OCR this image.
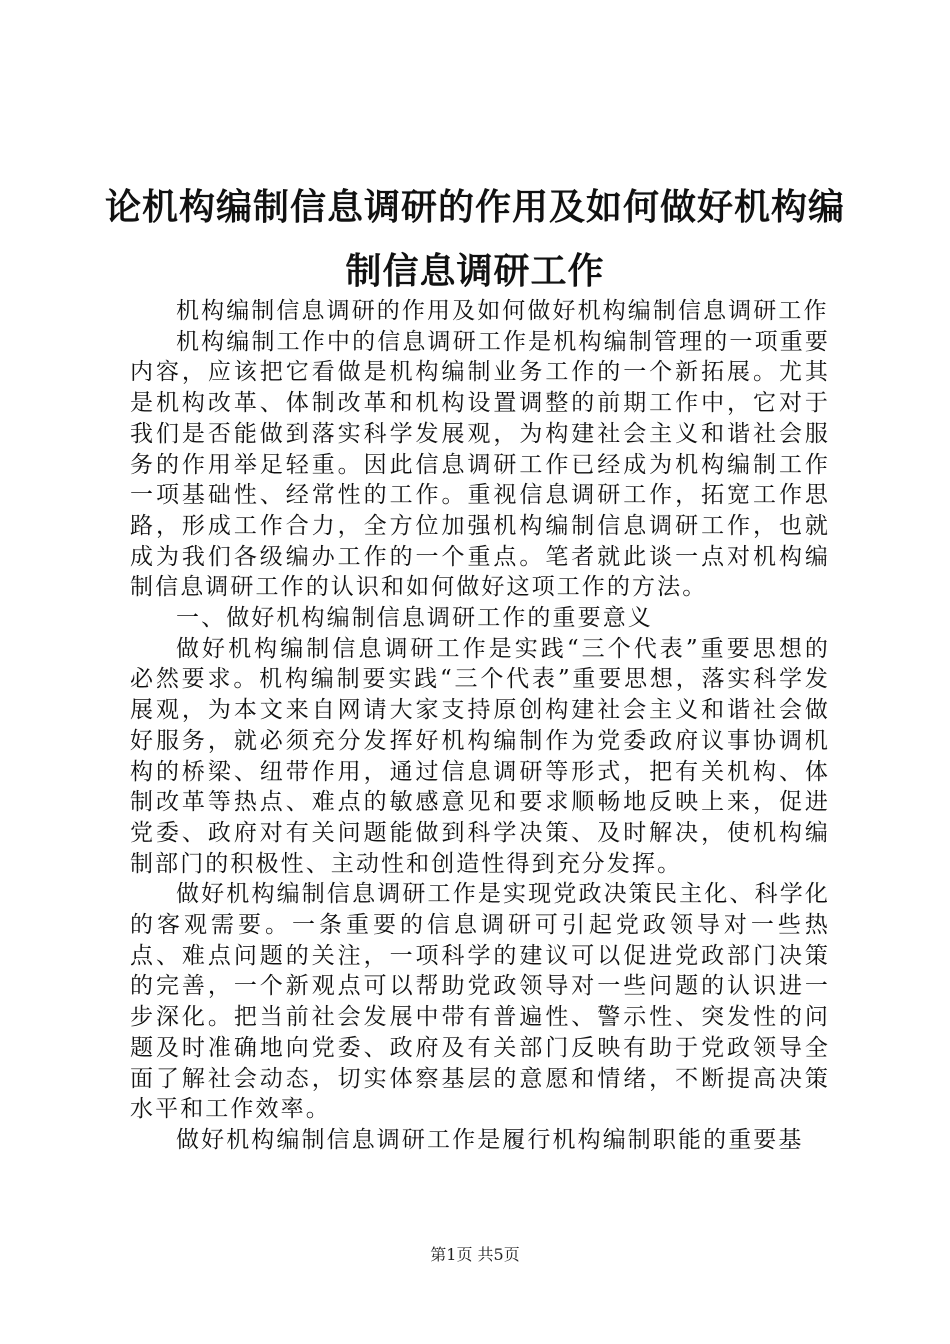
论机构编制信息调研的作用及如何做好机构编制信息调研工作

机构编制信息调研的作用及如何做好机构编制信息调研工作

机构编制工作中的信息调研工作是机构编制管理的一项重要内容，应该把它看做是机构编制业务工作的一个新拓展。尤其是机构改革、体制改革和机构设置调整的前期工作中，它对于我们是否能做到落实科学发展观，为构建社会主义和谐社会服务的作用举足轻重。因此信息调研工作已经成为机构编制工作一项基础性、经常性的工作。重视信息调研工作，拓宽工作思路，形成工作合力，全方位加强机构编制信息调研工作，也就成为我们各级编办工作的一个重点。笔者就此谈一点对机构编制信息调研工作的认识和如何做好这项工作的方法。

一、做好机构编制信息调研工作的重要意义

做好机构编制信息调研工作是实践“三个代表”重要思想的必然要求。机构编制要实践“三个代表”重要思想，落实科学发展观，为本文来自网请大家支持原创构建社会主义和谐社会做好服务，就必须充分发挥好机构编制作为党委政府议事协调机构的桥梁、纽带作用，通过信息调研等形式，把有关机构、体制改革等热点、难点的敏感意见和要求顺畅地反映上来，促进党委、政府对有关问题能做到科学决策、及时解决，使机构编制部门的积极性、主动性和创造性得到充分发挥。

做好机构编制信息调研工作是实现党政决策民主化、科学化的客观需要。一条重要的信息调研可引起党政领导对一些热点、难点问题的关注，一项科学的建议可以促进党政部门决策的完善，一个新观点可以帮助党政领导对一些问题的认识进一步深化。把当前社会发展中带有普遍性、警示性、突发性的问题及时准确地向党委、政府及有关部门反映有助于党政领导全面了解社会动态，切实体察基层的意愿和情绪，不断提高决策水平和工作效率。

做好机构编制信息调研工作是履行机构编制职能的重要基

第1页 共5页
